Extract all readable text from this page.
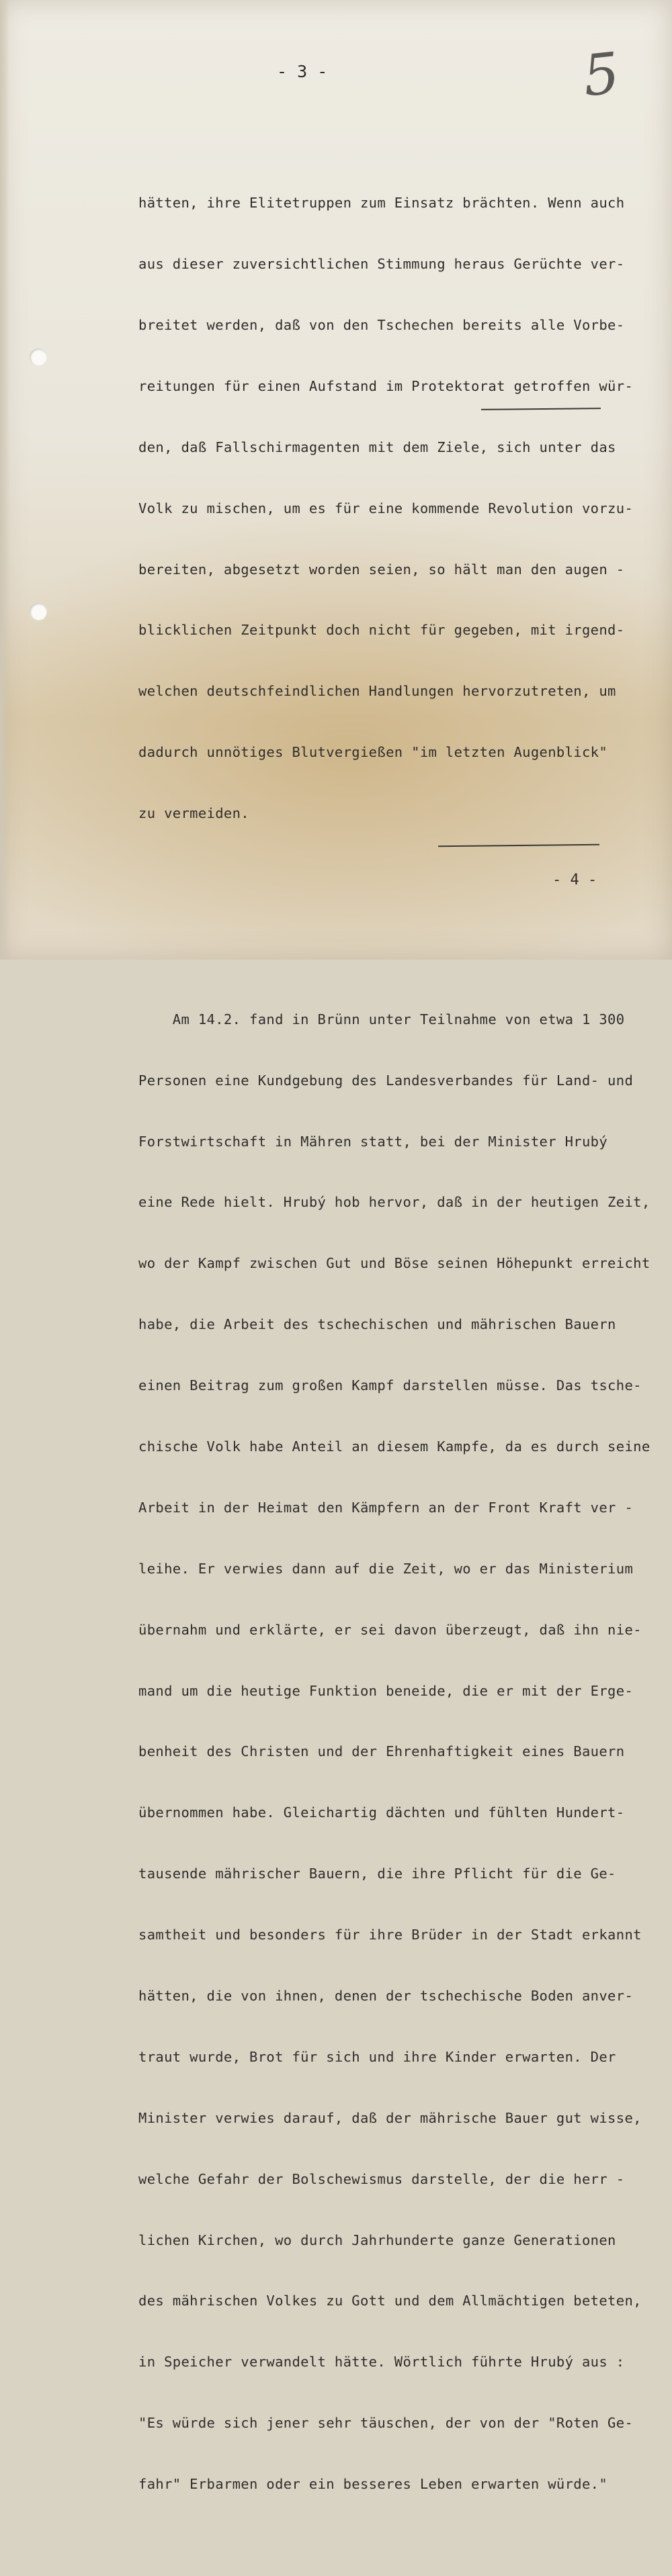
- 3 -	5

hätten, ihre Elitetruppen zum Einsatz brächten. Wenn auch

aus dieser zuversichtlichen Stimmung heraus Gerüchte ver-

breitet werden, daß von den Tschechen bereits alle Vorbe-

reitungen für einen Aufstand im Protektorat getroffen wür-

den, daß Fallschirmagenten mit dem Ziele, sich unter das

Volk zu mischen, um es für eine kommende Revolution vorzu-

bereiten, abgesetzt worden seien, so hält man den augen -

blicklichen Zeitpunkt doch nicht für gegeben, mit irgend-

welchen deutschfeindlichen Handlungen hervorzutreten, um

dadurch unnötiges Blutvergießen "im letzten Augenblick"

zu vermeiden.

Am 14.2. fand in Brünn unter Teilnahme von etwa 1 300

Personen eine Kundgebung des Landesverbandes für Land- und

Forstwirtschaft in Mähren statt, bei der Minister Hrubý

eine Rede hielt. Hrubý hob hervor, daß in der heutigen Zeit,

wo der Kampf zwischen Gut und Böse seinen Höhepunkt erreicht

habe, die Arbeit des tschechischen und mährischen Bauern

einen Beitrag zum großen Kampf darstellen müsse. Das tsche-

chische Volk habe Anteil an diesem Kampfe, da es durch seine

Arbeit in der Heimat den Kämpfern an der Front Kraft ver -

leihe. Er verwies dann auf die Zeit, wo er das Ministerium

übernahm und erklärte, er sei davon überzeugt, daß ihn nie-

mand um die heutige Funktion beneide, die er mit der Erge-

benheit des Christen und der Ehrenhaftigkeit eines Bauern

übernommen habe. Gleichartig dächten und fühlten Hundert-

tausende mährischer Bauern, die ihre Pflicht für die Ge-

samtheit und besonders für ihre Brüder in der Stadt erkannt

hätten, die von ihnen, denen der tschechische Boden anver-

traut wurde, Brot für sich und ihre Kinder erwarten. Der

Minister verwies darauf, daß der mährische Bauer gut wisse,

welche Gefahr der Bolschewismus darstelle, der die herr -

lichen Kirchen, wo durch Jahrhunderte ganze Generationen

des mährischen Volkes zu Gott und dem Allmächtigen beteten,

in Speicher verwandelt hätte. Wörtlich führte Hrubý aus :

"Es würde sich jener sehr täuschen, der von der "Roten Ge-

fahr" Erbarmen oder ein besseres Leben erwarten würde."

- 4 -
